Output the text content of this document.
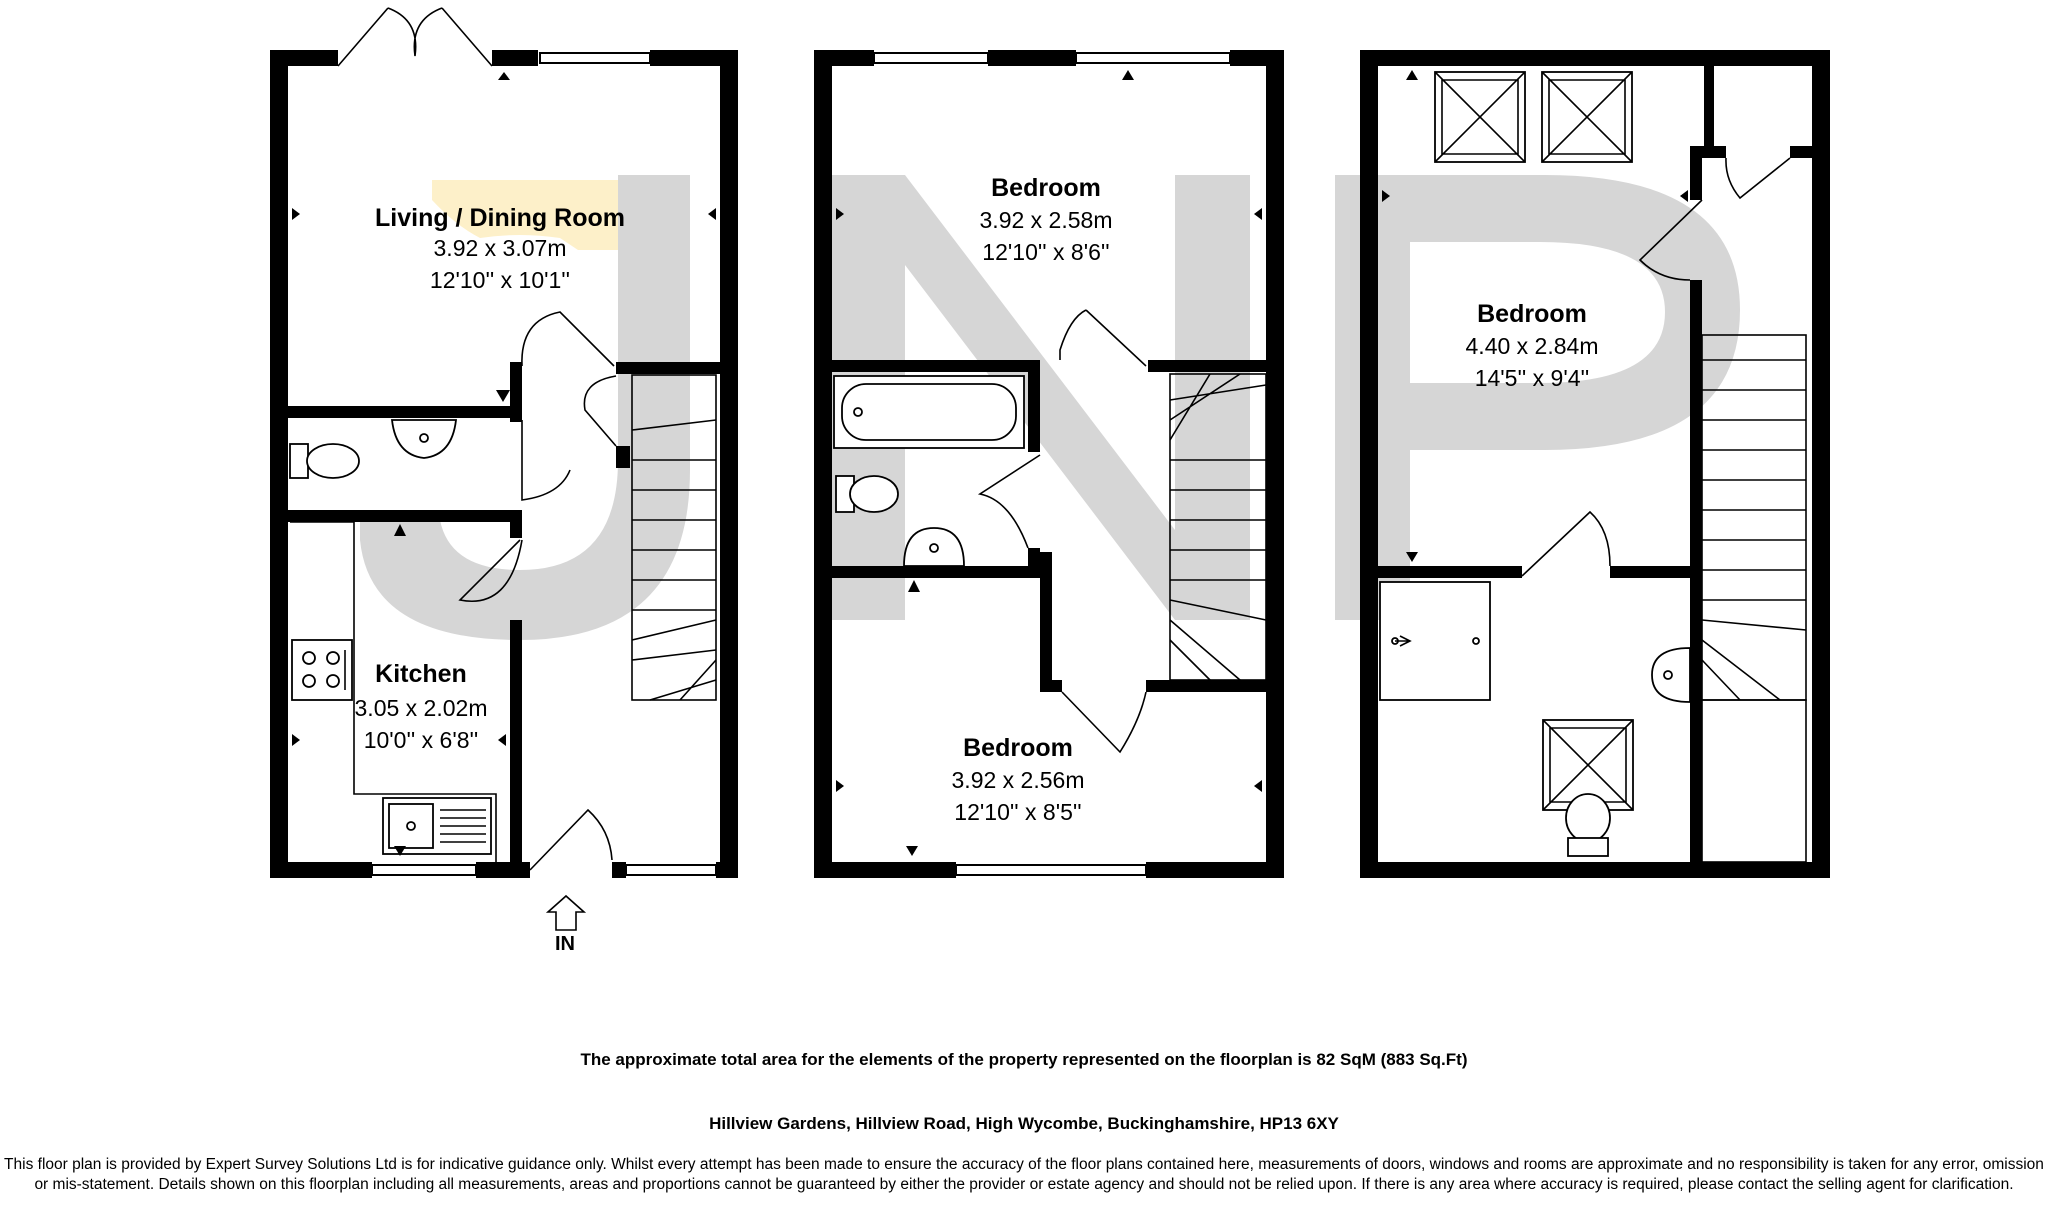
Living / Dining Room
3.92 x 3.07m
12'10'' x 10'1''
Kitchen
3.05 x 2.02m
10'0'' x 6'8''
Bedroom
3.92 x 2.58m
12'10'' x 8'6''
Bedroom
3.92 x 2.56m
12'10'' x 8'5''
Bedroom
4.40 x 2.84m
14'5'' x 9'4''
IN
The approximate total area for the elements of the property represented on the floorplan is 82 SqM (883 Sq.Ft)
Hillview Gardens, Hillview Road, High Wycombe, Buckinghamshire, HP13 6XY
This floor plan is provided by Expert Survey Solutions Ltd is for indicative guidance only. Whilst every attempt has been made to ensure the accuracy of the floor plans contained here, measurements of doors, windows and rooms are approximate and no responsibility is taken for any error, omission or mis-statement. Details shown on this floorplan including all measurements, areas and proportions cannot be guaranteed by either the provider or estate agency and should not be relied upon. If there is any area where accuracy is required, please contact the selling agent for clarification.
